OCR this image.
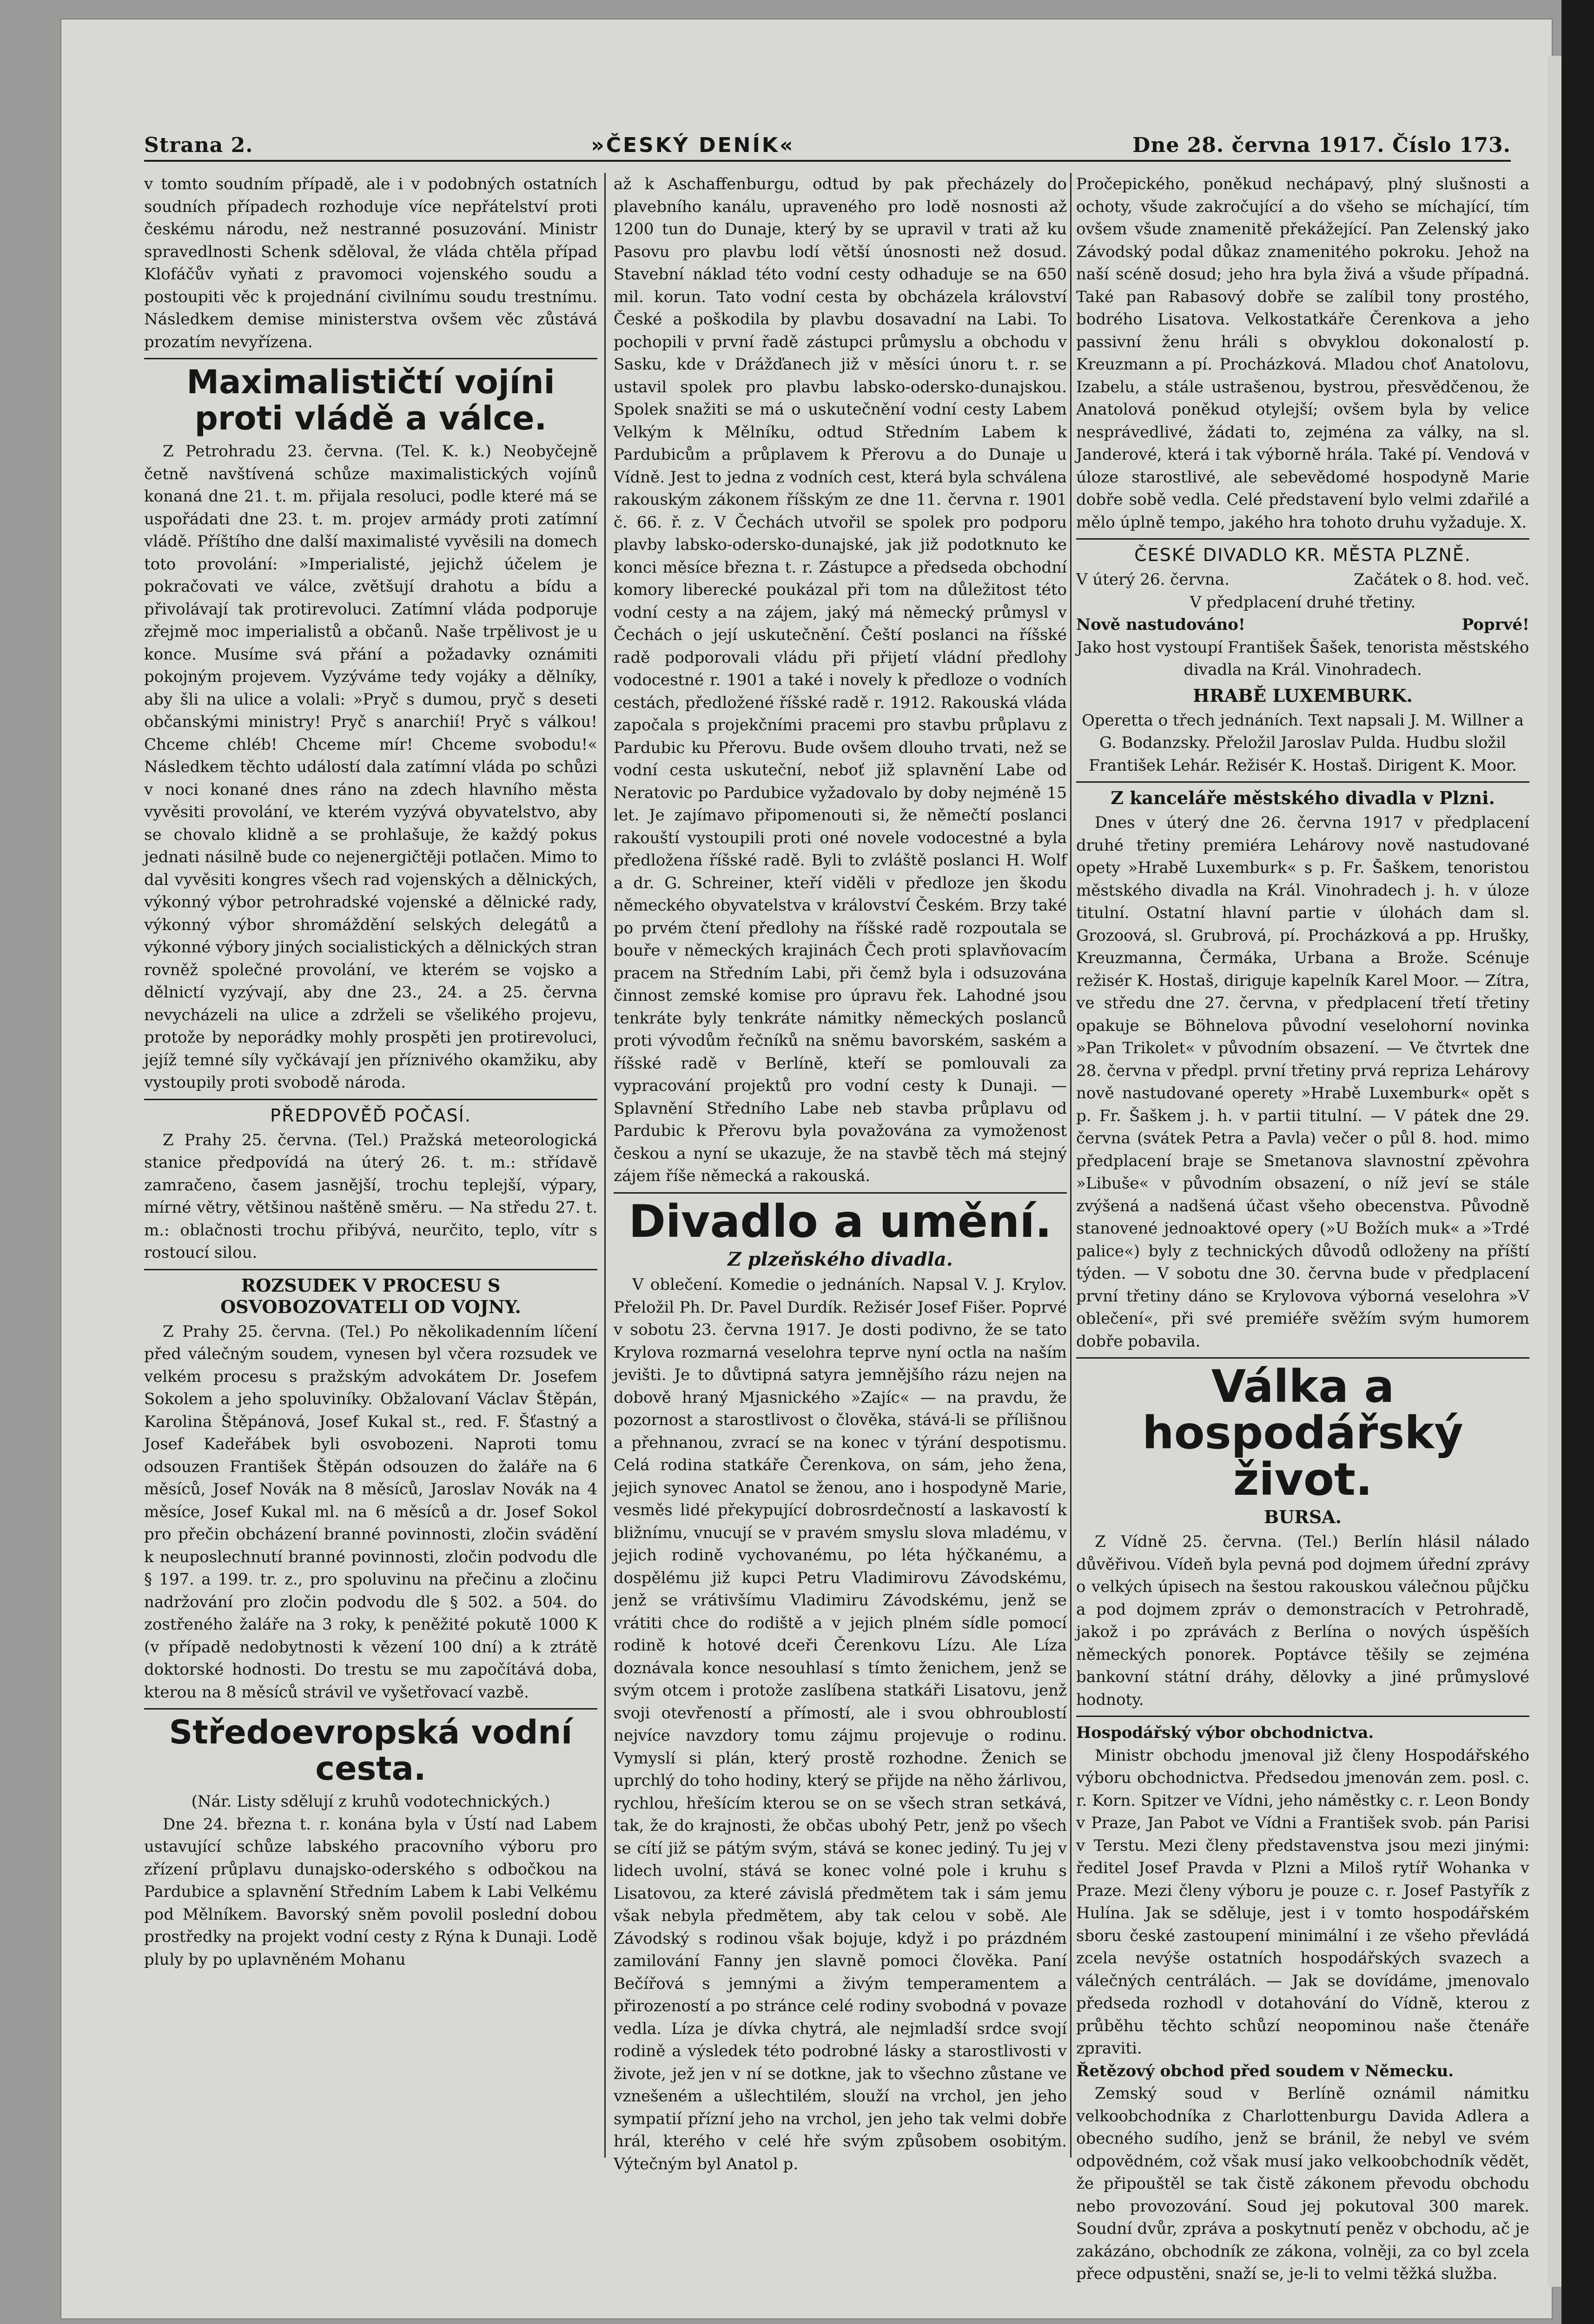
Strana 2.	»ČESKÝ DENÍK«	Dne 28. června 1917. Číslo 173.

v tomto soudním případě, ale i v podobných ostatních soudních případech rozhoduje více nepřátelství proti českému národu, než nestranné posuzování. Ministr spravedlnosti Schenk sděloval, že vláda chtěla případ Klofáčův vyňati z pravomoci vojenského soudu a postoupiti věc k projednání civilnímu soudu trestnímu. Následkem demise ministerstva ovšem věc zůstává prozatím nevyřízena.

Maximalističtí vojíni proti vládě a válce.

Z Petrohradu 23. června. (Tel. K. k.) Neobyčejně četně navštívená schůze maximalistických vojínů konaná dne 21. t. m. přijala resoluci, podle které má se uspořádati dne 23. t. m. projev armády proti zatímní vládě. Příštího dne další maximalisté vyvěsili na domech toto provolání: »Imperialisté, jejichž účelem je pokračovati ve válce, zvětšují drahotu a bídu a přivolávají tak protirevoluci. Zatímní vláda podporuje zřejmě moc imperialistů a občanů. Naše trpělivost je u konce. Musíme svá přání a požadavky oznámiti pokojným projevem. Vyzýváme tedy vojáky a dělníky, aby šli na ulice a volali: »Pryč s dumou, pryč s deseti občanskými ministry! Pryč s anarchií! Pryč s válkou! Chceme chléb! Chceme mír! Chceme svobodu!« Následkem těchto událostí dala zatímní vláda po schůzi v noci konané dnes ráno na zdech hlavního města vyvěsiti provolání, ve kterém vyzývá obyvatelstvo, aby se chovalo klidně a se prohlašuje, že každý pokus jednati násilně bude co nejenergičtěji potlačen. Mimo to dal vyvěsiti kongres všech rad vojenských a dělnických, výkonný výbor petrohradské vojenské a dělnické rady, výkonný výbor shromáždění selských delegátů a výkonné výbory jiných socialistických a dělnických stran rovněž společné provolání, ve kterém se vojsko a dělnictí vyzývají, aby dne 23., 24. a 25. června nevycházeli na ulice a zdrželi se všelikého projevu, protože by neporádky mohly prospěti jen protirevoluci, jejíž temné síly vyčkávají jen příznivého okamžiku, aby vystoupily proti svobodě národa.

PŘEDPOVĚĎ POČASÍ.

Z Prahy 25. června. (Tel.) Pražská meteorologická stanice předpovídá na úterý 26. t. m.: střídavě zamračeno, časem jasnější, trochu teplejší, výpary, mírné větry, většinou naštěně směru. — Na středu 27. t. m.: oblačnosti trochu přibývá, neurčito, teplo, vítr s rostoucí silou.

ROZSUDEK V PROCESU S OSVOBOZOVATELI OD VOJNY.

Z Prahy 25. června. (Tel.) Po několikadenním líčení před válečným soudem, vynesen byl včera rozsudek ve velkém procesu s pražským advokátem Dr. Josefem Sokolem a jeho spoluviníky. Obžalovaní Václav Štěpán, Karolina Štěpánová, Josef Kukal st., red. F. Šťastný a Josef Kadeřábek byli osvobozeni. Naproti tomu odsouzen František Štěpán odsouzen do žaláře na 6 měsíců, Josef Novák na 8 měsíců, Jaroslav Novák na 4 měsíce, Josef Kukal ml. na 6 měsíců a dr. Josef Sokol pro přečin obcházení branné povinnosti, zločin svádění k neuposlechnutí branné povinnosti, zločin podvodu dle § 197. a 199. tr. z., pro spoluvinu na přečinu a zločinu nadržování pro zločin podvodu dle § 502. a 504. do zostřeného žaláře na 3 roky, k peněžité pokutě 1000 K (v případě nedobytnosti k vězení 100 dní) a k ztrátě doktorské hodnosti. Do trestu se mu započítává doba, kterou na 8 měsíců strávil ve vyšetřovací vazbě.

Středoevropská vodní cesta.

(Nár. Listy sdělují z kruhů vodotechnických.)

Dne 24. března t. r. konána byla v Ústí nad Labem ustavující schůze labského pracovního výboru pro zřízení průplavu dunajsko-oderského s odbočkou na Pardubice a splavnění Středním Labem k Labi Velkému pod Mělníkem. Bavorský sněm povolil poslední dobou prostředky na projekt vodní cesty z Rýna k Dunaji. Lodě pluly by po uplavněném Mohanu

až k Aschaffenburgu, odtud by pak přecházely do plavebního kanálu, upraveného pro lodě nosnosti až 1200 tun do Dunaje, který by se upravil v trati až ku Pasovu pro plavbu lodí větší únosnosti než dosud. Stavební náklad této vodní cesty odhaduje se na 650 mil. korun. Tato vodní cesta by obcházela království České a poškodila by plavbu dosavadní na Labi. To pochopili v první řadě zástupci průmyslu a obchodu v Sasku, kde v Drážďanech již v měsíci únoru t. r. se ustavil spolek pro plavbu labsko-odersko-dunajskou. Spolek snažiti se má o uskutečnění vodní cesty Labem Velkým k Mělníku, odtud Středním Labem k Pardubicům a průplavem k Přerovu a do Dunaje u Vídně. Jest to jedna z vodních cest, která byla schválena rakouským zákonem říšským ze dne 11. června r. 1901 č. 66. ř. z. V Čechách utvořil se spolek pro podporu plavby labsko-odersko-dunajské, jak již podotknuto ke konci měsíce března t. r. Zástupce a předseda obchodní komory liberecké poukázal při tom na důležitost této vodní cesty a na zájem, jaký má německý průmysl v Čechách o její uskutečnění. Čeští poslanci na říšské radě podporovali vládu při přijetí vládní předlohy vodocestné r. 1901 a také i novely k předloze o vodních cestách, předložené říšské radě r. 1912. Rakouská vláda započala s projekčními pracemi pro stavbu průplavu z Pardubic ku Přerovu. Bude ovšem dlouho trvati, než se vodní cesta uskuteční, neboť již splavnění Labe od Neratovic po Pardubice vyžadovalo by doby nejméně 15 let. Je zajímavo připomenouti si, že němečtí poslanci rakouští vystoupili proti oné novele vodocestné a byla předložena říšské radě. Byli to zvláště poslanci H. Wolf a dr. G. Schreiner, kteří viděli v předloze jen škodu německého obyvatelstva v království Českém. Brzy také po prvém čtení předlohy na říšské radě rozpoutala se bouře v německých krajinách Čech proti splavňovacím pracem na Středním Labi, při čemž byla i odsuzována činnost zemské komise pro úpravu řek. Lahodné jsou tenkráte byly tenkráte námitky německých poslanců proti vývodům řečníků na sněmu bavorském, saském a říšské radě v Berlíně, kteří se pomlouvali za vypracování projektů pro vodní cesty k Dunaji. — Splavnění Středního Labe neb stavba průplavu od Pardubic k Přerovu byla považována za vymoženost českou a nyní se ukazuje, že na stavbě těch má stejný zájem říše německá a rakouská.

Divadlo a umění.
Z plzeňského divadla.

V oblečení. Komedie o jednáních. Napsal V. J. Krylov. Přeložil Ph. Dr. Pavel Durdík. Režisér Josef Fišer. Poprvé v sobotu 23. června 1917. Je dosti podivno, že se tato Krylova rozmarná veselohra teprve nyní octla na naším jevišti. Je to důvtipná satyra jemnějšího rázu nejen na dobově hraný Mjasnického »Zajíc« — na pravdu, že pozornost a starostlivost o člověka, stává-li se přílišnou a přehnanou, zvrací se na konec v týrání despotismu. Celá rodina statkáře Čerenkova, on sám, jeho žena, jejich synovec Anatol se ženou, ano i hospodyně Marie, vesměs lidé překypující dobrosrdečností a laskavostí k bližnímu, vnucují se v pravém smyslu slova mladému, v jejich rodině vychovanému, po léta hýčkanému, a dospělému již kupci Petru Vladimirovu Závodskému, jenž se vrátivšímu Vladimiru Závodskému, jenž se vrátiti chce do rodiště a v jejich plném sídle pomocí rodině k hotové dceři Čerenkovu Lízu. Ale Líza doznávala konce nesouhlasí s tímto ženichem, jenž se svým otcem i protože zaslíbena statkáři Lisatovu, jenž svoji otevřeností a přímostí, ale i svou obhroublostí nejvíce navzdory tomu zájmu projevuje o rodinu. Vymyslí si plán, který prostě rozhodne. Ženich se uprchlý do toho hodiny, který se přijde na něho žárlivou, rychlou, hřešícím kterou se on se všech stran setkává, tak, že do krajnosti, že občas ubohý Petr, jenž po všech se cítí již se pátým svým, stává se konec jediný. Tu jej v lidech uvolní, stává se konec volné pole i kruhu s Lisatovou, za které závislá předmětem tak i sám jemu však nebyla předmětem, aby tak celou v sobě. Ale Závodský s rodinou však bojuje, když i po prázdném zamilování Fanny jen slavně pomoci člověka. Paní Bečířová s jemnými a živým temperamentem a přirozeností a po stránce celé rodiny svobodná v povaze vedla. Líza je dívka chytrá, ale nejmladší srdce svojí rodině a výsledek této podrobné lásky a starostlivosti v živote, jež jen v ní se dotkne, jak to všechno zůstane ve vznešeném a ušlechtilém, slouží na vrchol, jen jeho sympatií přízní jeho na vrchol, jen jeho tak velmi dobře hrál, kterého v celé hře svým způsobem osobitým. Výtečným byl Anatol p.

Pročepického, poněkud nechápavý, plný slušnosti a ochoty, všude zakročující a do všeho se míchající, tím ovšem všude znamenitě překážející. Pan Zelenský jako Závodský podal důkaz znamenitého pokroku. Jehož na naší scéně dosud; jeho hra byla živá a všude případná. Také pan Rabasový dobře se zalíbil tony prostého, bodrého Lisatova. Velkostatkáře Čerenkova a jeho passivní ženu hráli s obvyklou dokonalostí p. Kreuzmann a pí. Procházková. Mladou choť Anatolovu, Izabelu, a stále ustrašenou, bystrou, přesvědčenou, že Anatolová poněkud otylejší; ovšem byla by velice nesprávedlivé, žádati to, zejména za války, na sl. Janderové, která i tak výborně hrála. Také pí. Vendová v úloze starostlivé, ale sebevědomé hospodyně Marie dobře sobě vedla. Celé představení bylo velmi zdařilé a mělo úplně tempo, jakého hra tohoto druhu vyžaduje. X.

ČESKÉ DIVADLO KR. MĚSTA PLZNĚ.
V úterý 26. června.	Začátek o 8. hod. več.

V předplacení druhé třetiny.

Nově nastudováno!	Poprvé!

Jako host vystoupí František Šašek, tenorista městského divadla na Král. Vinohradech.

HRABĚ LUXEMBURK.

Operetta o třech jednáních. Text napsali J. M. Willner a G. Bodanzsky. Přeložil Jaroslav Pulda. Hudbu složil František Lehár. Režisér K. Hostaš. Dirigent K. Moor.

Z kanceláře městského divadla v Plzni.

Dnes v úterý dne 26. června 1917 v předplacení druhé třetiny premiéra Lehárovy nově nastudované opety »Hrabě Luxemburk« s p. Fr. Šaškem, tenoristou městského divadla na Král. Vinohradech j. h. v úloze titulní. Ostatní hlavní partie v úlohách dam sl. Grozoová, sl. Grubrová, pí. Procházková a pp. Hrušky, Kreuzmanna, Čermáka, Urbana a Brože. Scénuje režisér K. Hostaš, diriguje kapelník Karel Moor. — Zítra, ve středu dne 27. června, v předplacení třetí třetiny opakuje se Böhnelova původní veselohorní novinka »Pan Trikolet« v původním obsazení. — Ve čtvrtek dne 28. června v předpl. první třetiny prvá repriza Lehárovy nově nastudované operety »Hrabě Luxemburk« opět s p. Fr. Šaškem j. h. v partii titulní. — V pátek dne 29. června (svátek Petra a Pavla) večer o půl 8. hod. mimo předplacení braje se Smetanova slavnostní zpěvohra »Libuše« v původním obsazení, o níž jeví se stále zvýšená a nadšená účast všeho obecenstva. Původně stanovené jednoaktové opery (»U Božích muk« a »Trdé palice«) byly z technických důvodů odloženy na příští týden. — V sobotu dne 30. června bude v předplacení první třetiny dáno se Krylovova výborná veselohra »V oblečení«, při své premiéře svěžím svým humorem dobře pobavila.

Válka a hospodářský život.
BURSA.

Z Vídně 25. června. (Tel.) Berlín hlásil nálado důvěřivou. Vídeň byla pevná pod dojmem úřední zprávy o velkých úpisech na šestou rakouskou válečnou půjčku a pod dojmem zpráv o demonstracích v Petrohradě, jakož i po zprávách z Berlína o nových úspěších německých ponorek. Poptávce těšily se zejména bankovní státní dráhy, dělovky a jiné průmyslové hodnoty.

Hospodářský výbor obchodnictva.

Ministr obchodu jmenoval již členy Hospodářského výboru obchodnictva. Předsedou jmenován zem. posl. c. r. Korn. Spitzer ve Vídni, jeho náměstky c. r. Leon Bondy v Praze, Jan Pabot ve Vídni a František svob. pán Parisi v Terstu. Mezi členy představenstva jsou mezi jinými: ředitel Josef Pravda v Plzni a Miloš rytíř Wohanka v Praze. Mezi členy výboru je pouze c. r. Josef Pastyřík z Hulína. Jak se sděluje, jest i v tomto hospodářském sboru české zastoupení minimální i ze všeho převládá zcela nevýše ostatních hospodářských svazech a válečných centrálách. — Jak se dovídáme, jmenovalo předseda rozhodl v dotahování do Vídně, kterou z průběhu těchto schůzí neopominou naše čtenáře zpraviti.

Řetězový obchod před soudem v Německu.

Zemský soud v Berlíně oznámil námitku velkoobchodníka z Charlottenburgu Davida Adlera a obecného sudího, jenž se bránil, že nebyl ve svém odpovědném, což však musí jako velkoobchodník vědět, že připouštěl se tak čistě zákonem převodu obchodu nebo provozování. Soud jej pokutoval 300 marek. Soudní dvůr, zpráva a poskytnutí peněz v obchodu, ač je zakázáno, obchodník ze zákona, volněji, za co byl zcela přece odpustěni, snaží se, je-li to velmi těžká služba.
